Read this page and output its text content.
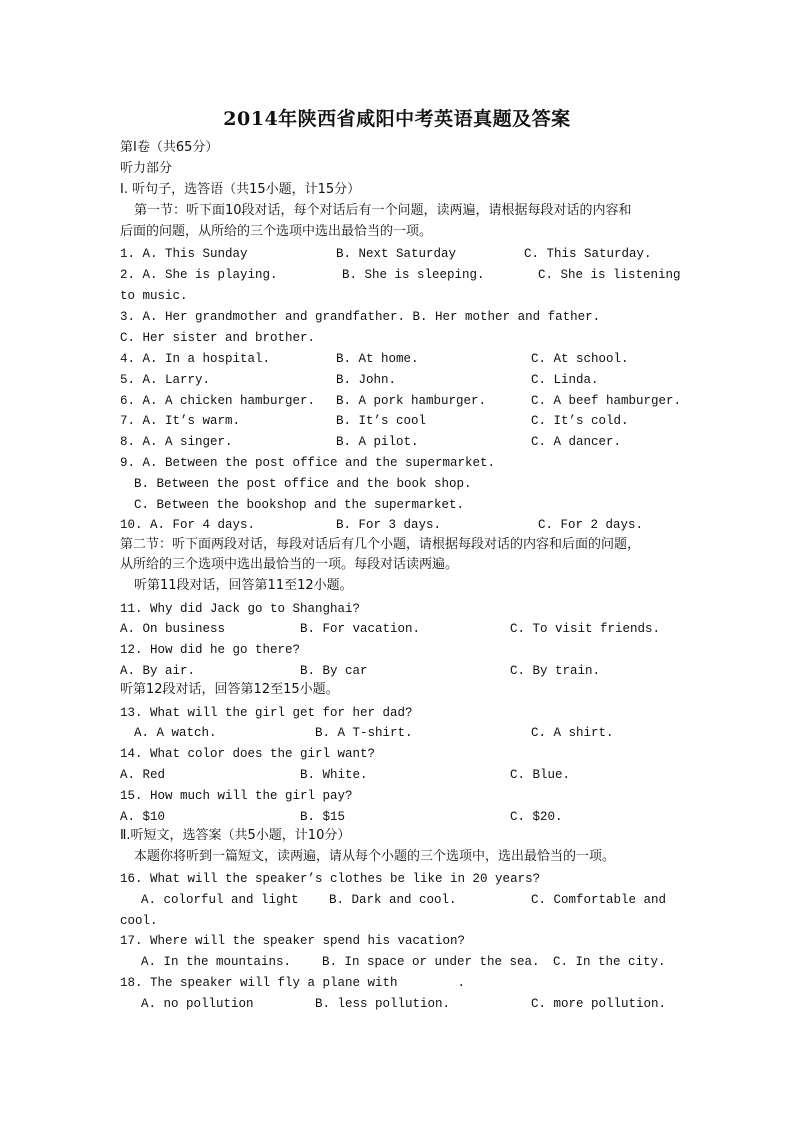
2014年陕西省咸阳中考英语真题及答案
第Ⅰ卷（共65分）
听力部分
Ⅰ. 听句子，选答语（共15小题，计15分）
第一节：听下面10段对话，每个对话后有一个问题，读两遍，请根据每段对话的内容和
后面的问题，从所给的三个选项中选出最恰当的一项。
1. A. This Sunday	B. Next Saturday	C. This Saturday.
2. A. She is playing.	B. She is sleeping.	C. She is listening
to music.
3. A. Her grandmother and grandfather. B. Her mother and father.
C. Her sister and brother.
4. A. In a hospital.	B. At home.	C. At school.
5. A. Larry.	B. John.	C. Linda.
6. A. A chicken hamburger. B. A pork hamburger.	C. A beef hamburger.
7. A. It’s warm.	B. It’s cool	C. It’s cold.
8. A. A singer.	B. A pilot.	C. A dancer.
9. A. Between the post office and the supermarket.
B. Between the post office and the book shop.
C. Between the bookshop and the supermarket.
10. A. For 4 days.	B. For 3 days.	C. For 2 days.
第二节：听下面两段对话，每段对话后有几个小题，请根据每段对话的内容和后面的问题，
从所给的三个选项中选出最恰当的一项。每段对话读两遍。
听第11段对话，回答第11至12小题。
11. Why did Jack go to Shanghai?
A. On business	B. For vacation.	C. To visit friends.
12. How did he go there?
A. By air.	B. By car	C. By train.
听第12段对话，回答第12至15小题。
13. What will the girl get for her dad?
A. A watch.	B. A T-shirt.	C. A shirt.
14. What color does the girl want?
A. Red	B. White.	C. Blue.
15. How much will the girl pay?
A. $10	B. $15	C. $20.
Ⅱ.听短文，选答案（共5小题，计10分）
本题你将听到一篇短文，读两遍，请从每个小题的三个选项中，选出最恰当的一项。
16. What will the speaker’s clothes be like in 20 years?
A. colorful and light B. Dark and cool.	C. Comfortable and
cool.
17. Where will the speaker spend his vacation?
A. In the mountains. B. In space or under the sea. C. In the city.
18. The speaker will fly a plane with	.
A. no pollution	B. less pollution.	C. more pollution.
